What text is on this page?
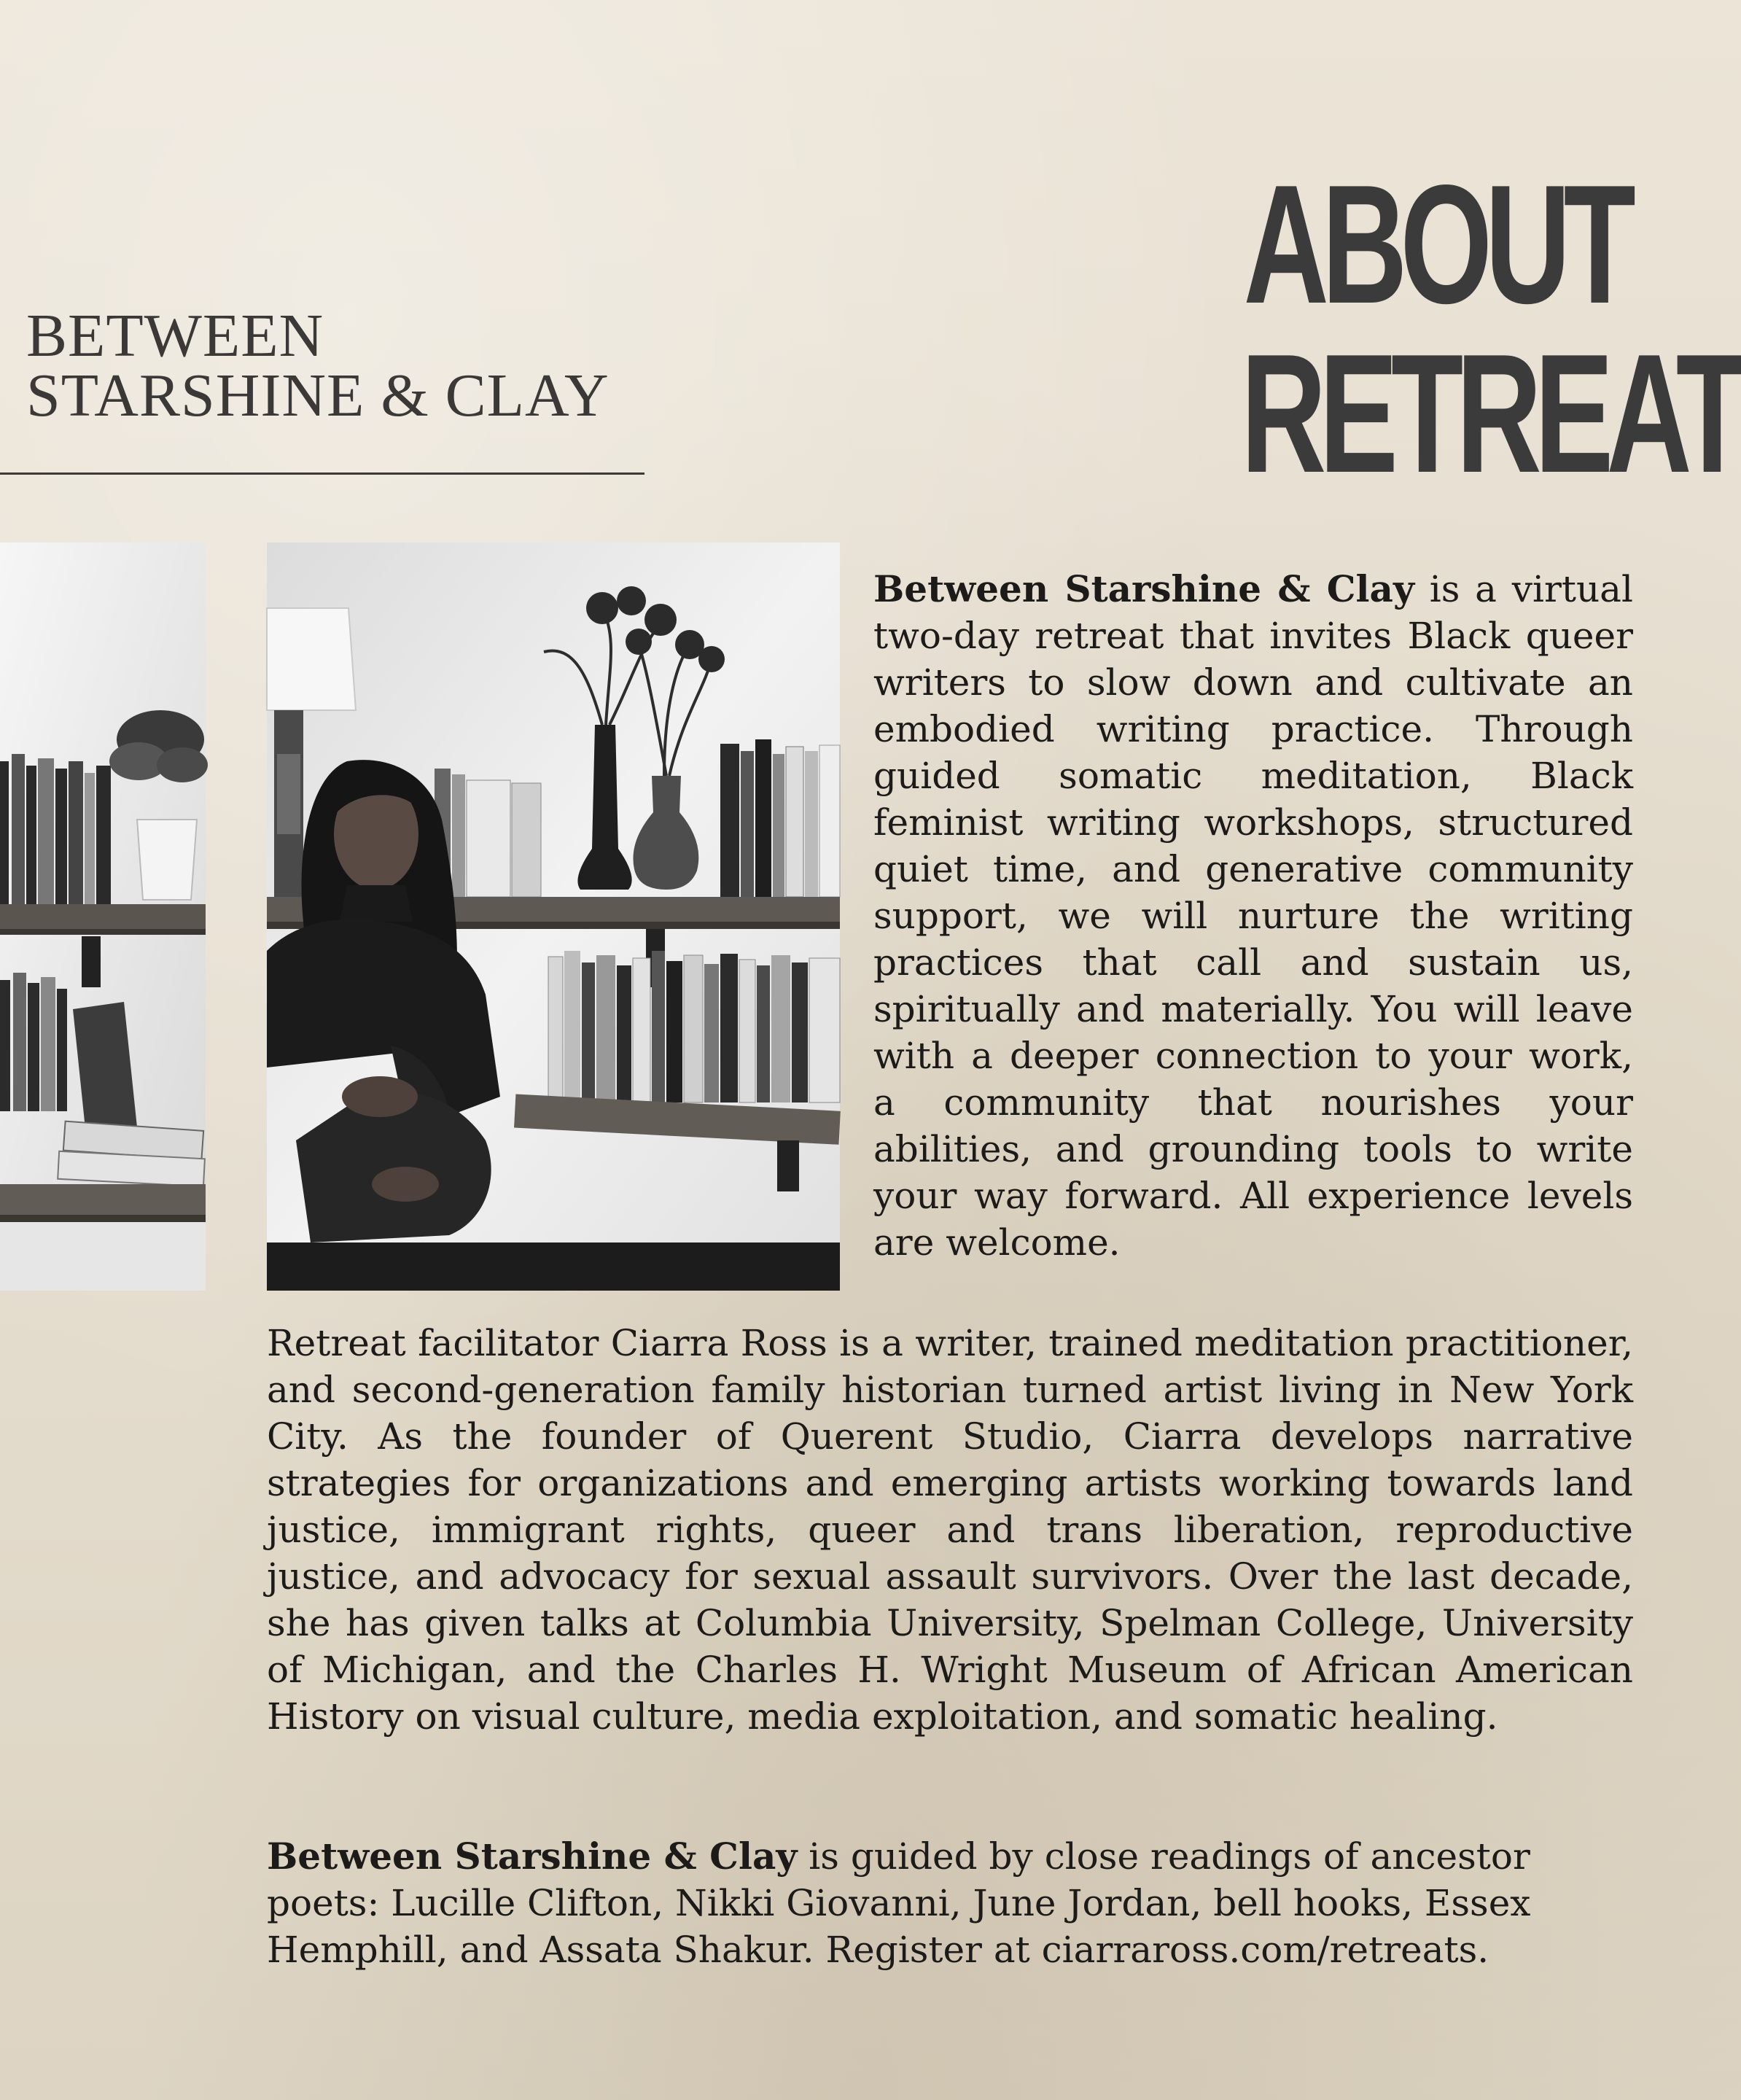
BETWEEN
STARSHINE & CLAY
ABOUT
RETREAT
Between Starshine & Clay is a virtual two-day retreat that invites Black queer writers to slow down and cultivate an embodied writing practice. Through guided somatic meditation, Black feminist writing workshops, structured quiet time, and generative community support, we will nurture the writing practices that call and sustain us, spiritually and materially. You will leave with a deeper connection to your work, a community that nourishes your abilities, and grounding tools to write your way forward. All experience levels are welcome.
Retreat facilitator Ciarra Ross is a writer, trained meditation practitioner, and second-generation family historian turned artist living in New York City. As the founder of Querent Studio, Ciarra develops narrative strategies for organizations and emerging artists working towards land justice, immigrant rights, queer and trans liberation, reproductive justice, and advocacy for sexual assault survivors. Over the last decade, she has given talks at Columbia University, Spelman College, University of Michigan, and the Charles H. Wright Museum of African American History on visual culture, media exploitation, and somatic healing.
Between Starshine & Clay is guided by close readings of ancestor poets: Lucille Clifton, Nikki Giovanni, June Jordan, bell hooks, Essex Hemphill, and Assata Shakur. Register at ciarraross.com/retreats.
